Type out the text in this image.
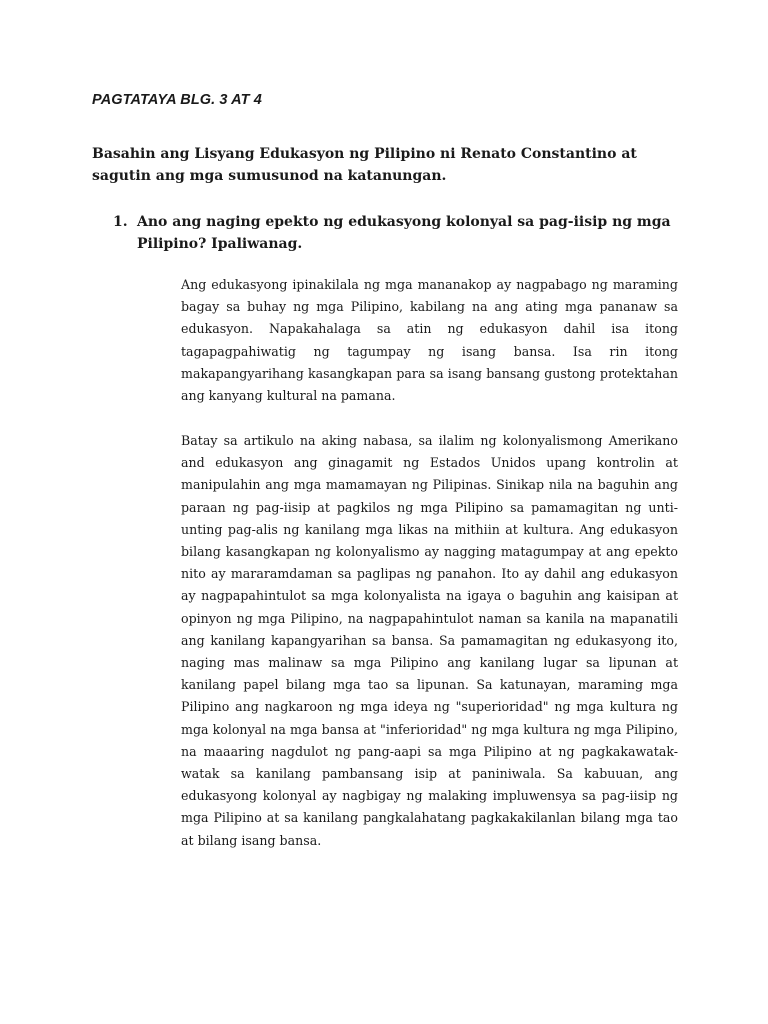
PAGTATAYA BLG. 3 AT 4
Basahin ang Lisyang Edukasyon ng Pilipino ni Renato Constantino at sagutin ang mga sumusunod na katanungan.
1. Ano ang naging epekto ng edukasyong kolonyal sa pag-iisip ng mga Pilipino? Ipaliwanag.

Ang edukasyong ipinakilala ng mga mananakop ay nagpabago ng maraming bagay sa buhay ng mga Pilipino, kabilang na ang ating mga pananaw sa edukasyon. Napakahalaga sa atin ng edukasyon dahil isa itong tagapagpahiwatig ng tagumpay ng isang bansa. Isa rin itong makapangyarihang kasangkapan para sa isang bansang gustong protektahan ang kanyang kultural na pamana.

Batay sa artikulo na aking nabasa, sa ilalim ng kolonyalismong Amerikano and edukasyon ang ginagamit ng Estados Unidos upang kontrolin at manipulahin ang mga mamamayan ng Pilipinas. Sinikap nila na baguhin ang paraan ng pag-iisip at pagkilos ng mga Pilipino sa pamamagitan ng unti-unting pag-alis ng kanilang mga likas na mithiin at kultura. Ang edukasyon bilang kasangkapan ng kolonyalismo ay nagging matagumpay at ang epekto nito ay mararamdaman sa paglipas ng panahon. Ito ay dahil ang edukasyon ay nagpapahintulot sa mga kolonyalista na igaya o baguhin ang kaisipan at opinyon ng mga Pilipino, na nagpapahintulot naman sa kanila na mapanatili ang kanilang kapangyarihan sa bansa. Sa pamamagitan ng edukasyong ito, naging mas malinaw sa mga Pilipino ang kanilang lugar sa lipunan at kanilang papel bilang mga tao sa lipunan. Sa katunayan, maraming mga Pilipino ang nagkaroon ng mga ideya ng "superioridad" ng mga kultura ng mga kolonyal na mga bansa at "inferioridad" ng mga kultura ng mga Pilipino, na maaaring nagdulot ng pang-aapi sa mga Pilipino at ng pagkakawatak-watak sa kanilang pambansang isip at paniniwala. Sa kabuuan, ang edukasyong kolonyal ay nagbigay ng malaking impluwensya sa pag-iisip ng mga Pilipino at sa kanilang pangkalahatang pagkakakilanlan bilang mga tao at bilang isang bansa.
